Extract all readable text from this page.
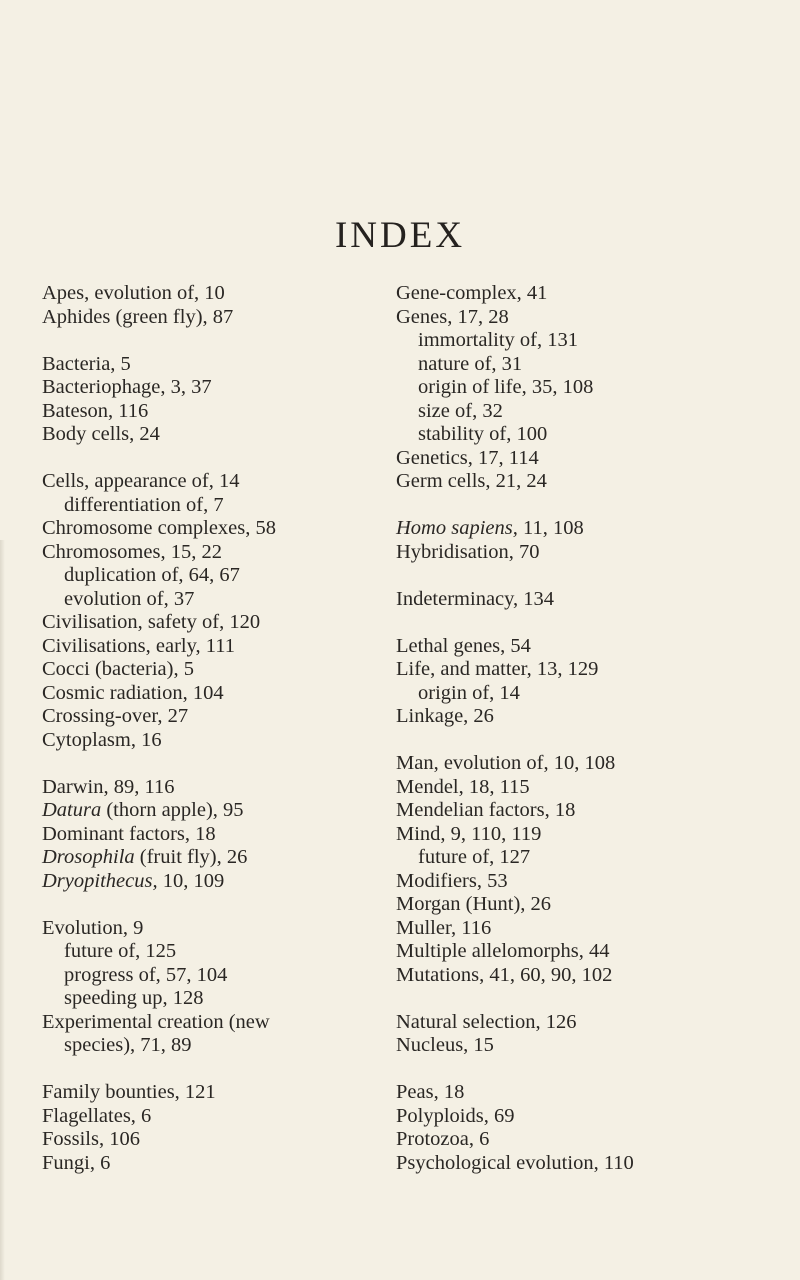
INDEX
Apes, evolution of, 10
Aphides (green fly), 87
Bacteria, 5
Bacteriophage, 3, 37
Bateson, 116
Body cells, 24
Cells, appearance of, 14
differentiation of, 7
Chromosome complexes, 58
Chromosomes, 15, 22
duplication of, 64, 67
evolution of, 37
Civilisation, safety of, 120
Civilisations, early, 111
Cocci (bacteria), 5
Cosmic radiation, 104
Crossing-over, 27
Cytoplasm, 16
Darwin, 89, 116
Datura (thorn apple), 95
Dominant factors, 18
Drosophila (fruit fly), 26
Dryopithecus, 10, 109
Evolution, 9
future of, 125
progress of, 57, 104
speeding up, 128
Experimental creation (new
species), 71, 89
Family bounties, 121
Flagellates, 6
Fossils, 106
Fungi, 6
Gene-complex, 41
Genes, 17, 28
immortality of, 131
nature of, 31
origin of life, 35, 108
size of, 32
stability of, 100
Genetics, 17, 114
Germ cells, 21, 24
Homo sapiens, 11, 108
Hybridisation, 70
Indeterminacy, 134
Lethal genes, 54
Life, and matter, 13, 129
origin of, 14
Linkage, 26
Man, evolution of, 10, 108
Mendel, 18, 115
Mendelian factors, 18
Mind, 9, 110, 119
future of, 127
Modifiers, 53
Morgan (Hunt), 26
Muller, 116
Multiple allelomorphs, 44
Mutations, 41, 60, 90, 102
Natural selection, 126
Nucleus, 15
Peas, 18
Polyploids, 69
Protozoa, 6
Psychological evolution, 110
